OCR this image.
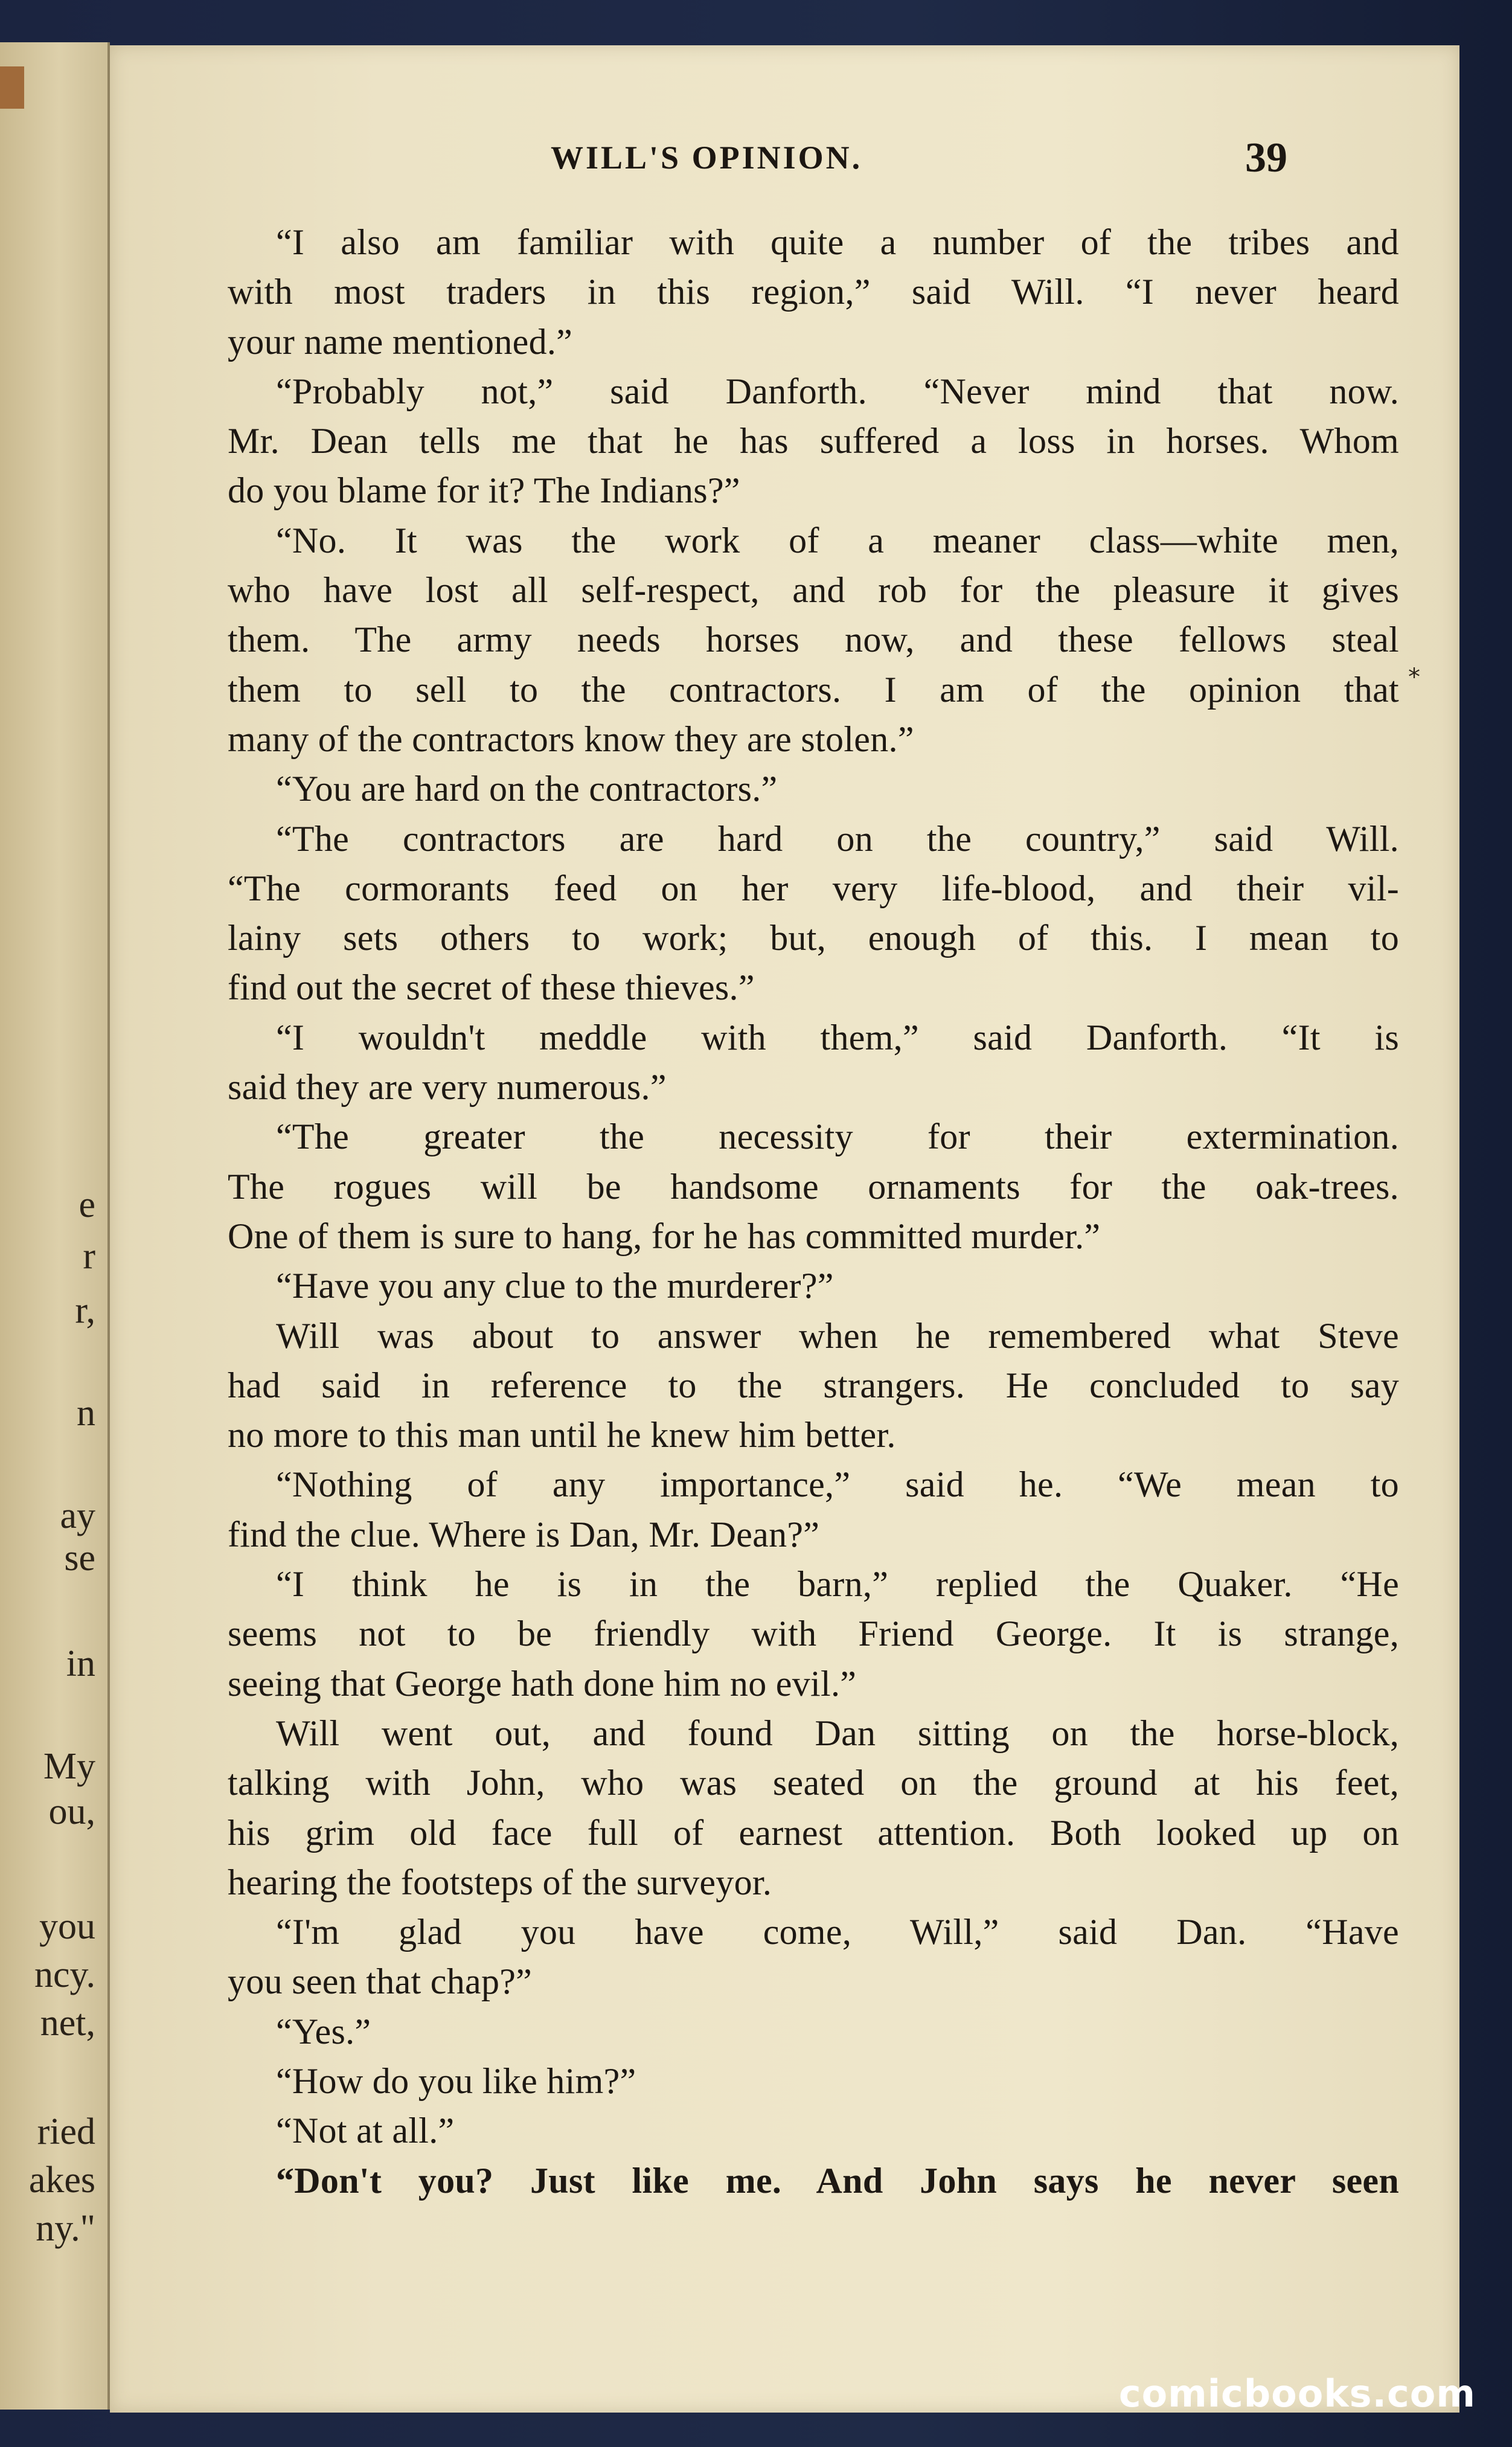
e
r
r,
n
ay
se
in
My
ou,
you
ncy.
net,
ried
akes
ny."
WILL'S OPINION.	39
⁎
“I also am familiar with quite a number of the tribes and
with most traders in this region,” said Will. “I never heard
your name mentioned.”
“Probably not,” said Danforth. “Never mind that now.
Mr. Dean tells me that he has suffered a loss in horses. Whom
do you blame for it? The Indians?”
“No. It was the work of a meaner class—white men,
who have lost all self-respect, and rob for the pleasure it gives
them. The army needs horses now, and these fellows steal
them to sell to the contractors. I am of the opinion that
many of the contractors know they are stolen.”
“You are hard on the contractors.”
“The contractors are hard on the country,” said Will.
“The cormorants feed on her very life-blood, and their vil-
lainy sets others to work; but, enough of this. I mean to
find out the secret of these thieves.”
“I wouldn't meddle with them,” said Danforth. “It is
said they are very numerous.”
“The greater the necessity for their extermination.
The rogues will be handsome ornaments for the oak-trees.
One of them is sure to hang, for he has committed murder.”
“Have you any clue to the murderer?”
Will was about to answer when he remembered what Steve
had said in reference to the strangers. He concluded to say
no more to this man until he knew him better.
“Nothing of any importance,” said he. “We mean to
find the clue. Where is Dan, Mr. Dean?”
“I think he is in the barn,” replied the Quaker. “He
seems not to be friendly with Friend George. It is strange,
seeing that George hath done him no evil.”
Will went out, and found Dan sitting on the horse-block,
talking with John, who was seated on the ground at his feet,
his grim old face full of earnest attention. Both looked up on
hearing the footsteps of the surveyor.
“I'm glad you have come, Will,” said Dan. “Have
you seen that chap?”
“Yes.”
“How do you like him?”
“Not at all.”
“Don't you? Just like me. And John says he never seen
comicbooks.com
